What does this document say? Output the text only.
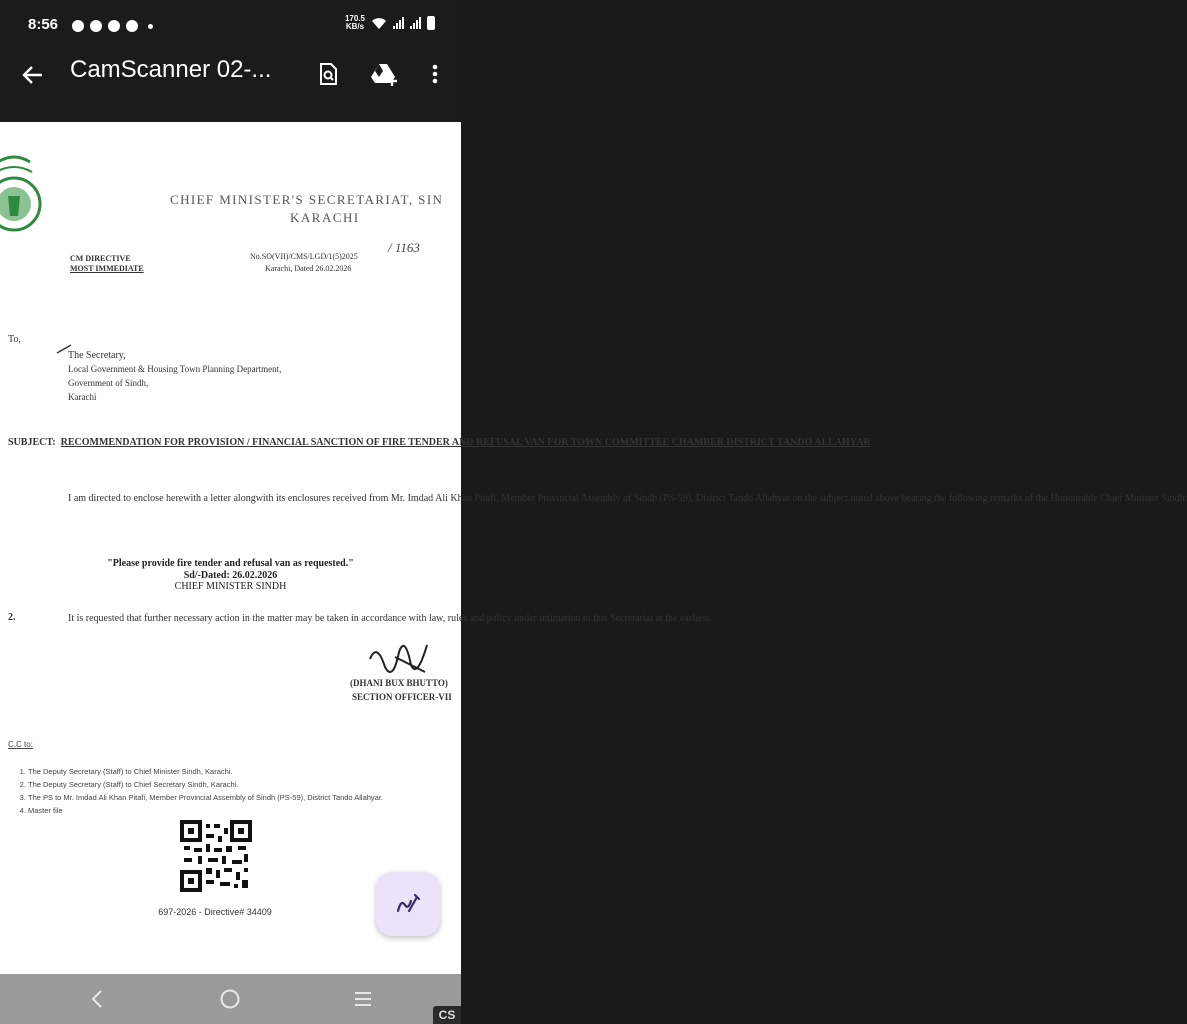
8:56	170.5
KB/s
CamScanner 02-...
CHIEF MINISTER'S SECRETARIAT, SIN
KARACHI
CM DIRECTIVE
MOST IMMEDIATE
No.SO(VII)/CMS/LGD/1(5)2025
/ 1163
Karachi, Dated 26.02.2026
To,
The Secretary,
Local Government & Housing Town Planning Department,
Government of Sindh,
Karachi
SUBJECT: RECOMMENDATION FOR PROVISION / FINANCIAL SANCTION OF FIRE TENDER AND REFUSAL VAN FOR TOWN COMMITTEE CHAMBER DISTRICT TANDO ALLAHYAR
I am directed to enclose herewith a letter alongwith its enclosures received from Mr. Imdad Ali Khan Pitafi, Member Provincial Assembly of Sindh (PS-59), District Tando Allahyar on the subject noted above bearing the following remarks of the Honourable Chief Minister Sindh:
"Please provide fire tender and refusal van as requested."
Sd/-Dated: 26.02.2026
CHIEF MINISTER SINDH
2.	It is requested that further necessary action in the matter may be taken in accordance with law, rules and policy under intimation to this Secretariat at the earliest.
(DHANI BUX BHUTTO)
SECTION OFFICER-VII
C.C to:
1. The Deputy Secretary (Staff) to Chief Minister Sindh, Karachi.
2. The Deputy Secretary (Staff) to Chief Secretary Sindh, Karachi.
3. The PS to Mr. Imdad Ali Khan Pitafi, Member Provincial Assembly of Sindh (PS-59), District Tando Allahyar.
4. Master file
697-2026 - Directive# 34409
CS
